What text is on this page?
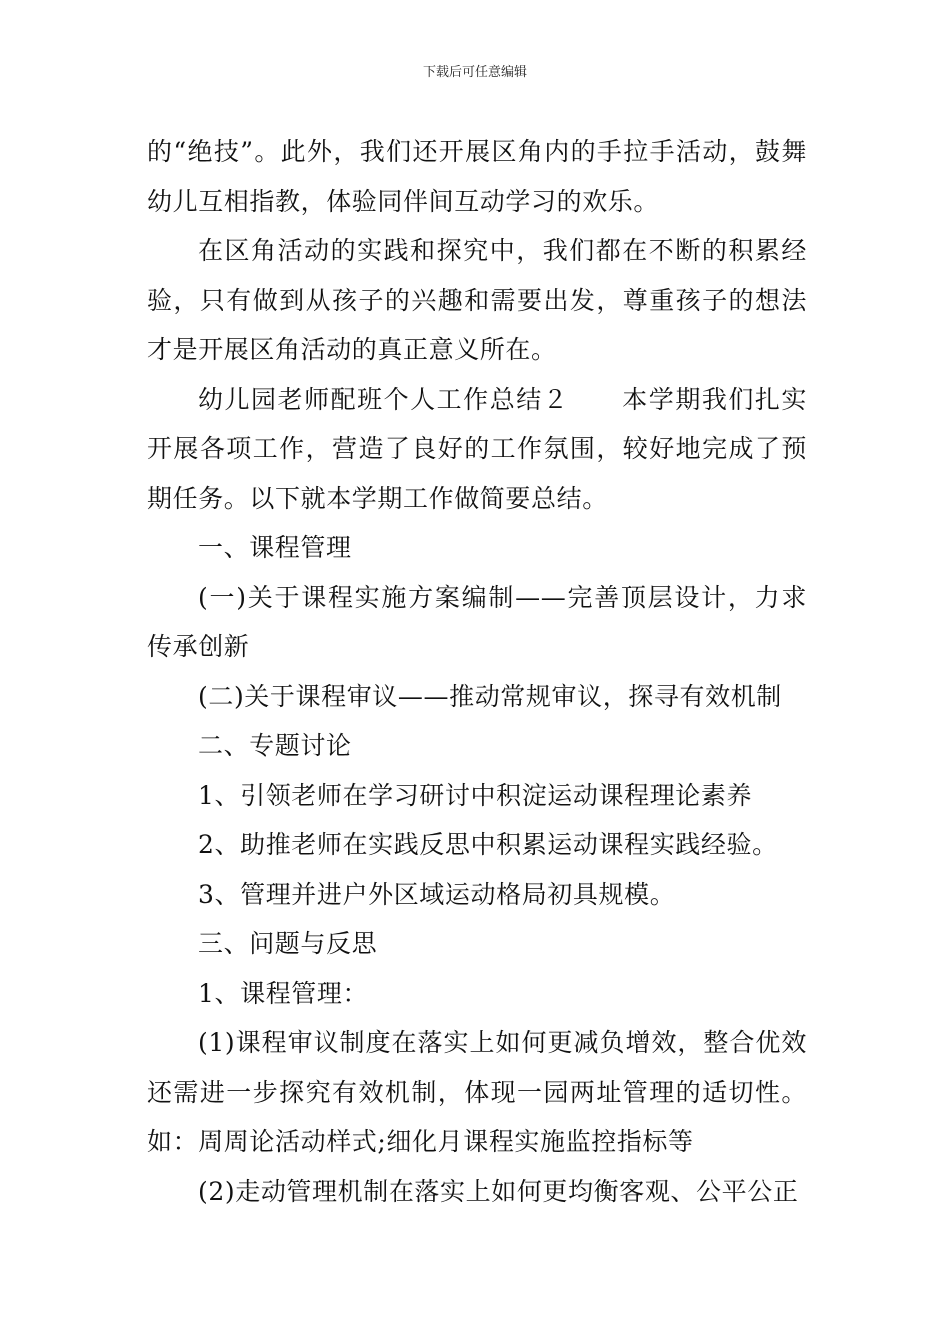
下载后可任意编辑

的“绝技”。此外，我们还开展区角内的手拉手活动，鼓舞幼儿互相指教，体验同伴间互动学习的欢乐。

在区角活动的实践和探究中，我们都在不断的积累经验，只有做到从孩子的兴趣和需要出发，尊重孩子的想法才是开展区角活动的真正意义所在。

幼儿园老师配班个人工作总结２　　本学期我们扎实开展各项工作，营造了良好的工作氛围，较好地完成了预期任务。以下就本学期工作做简要总结。

一、课程管理

(一)关于课程实施方案编制——完善顶层设计，力求传承创新

(二)关于课程审议——推动常规审议，探寻有效机制

二、专题讨论

1、引领老师在学习研讨中积淀运动课程理论素养

2、助推老师在实践反思中积累运动课程实践经验。

3、管理并进户外区域运动格局初具规模。

三、问题与反思

1、课程管理：

(1)课程审议制度在落实上如何更减负增效，整合优效还需进一步探究有效机制，体现一园两址管理的适切性。如：周周论活动样式;细化月课程实施监控指标等

(2)走动管理机制在落实上如何更均衡客观、公平公正
